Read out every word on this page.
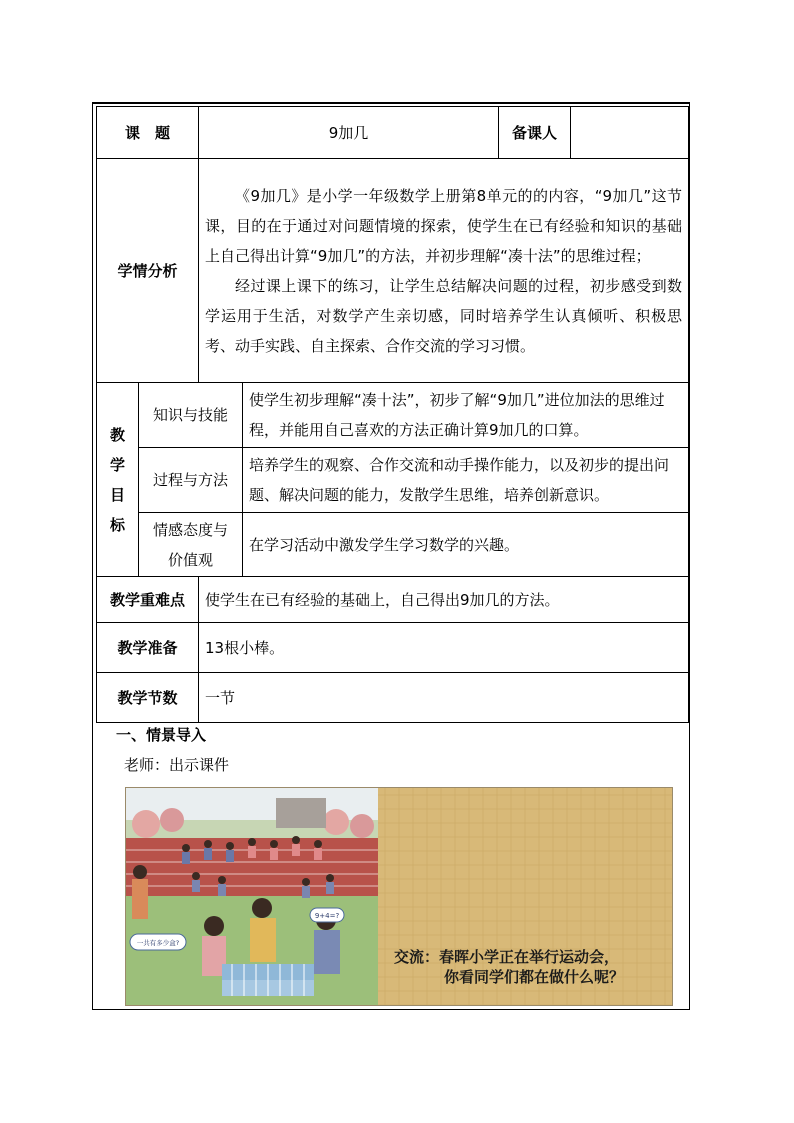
课　题		9加几		备课人	
学情分析		《9加几》是小学一年级数学上册第8单元的的内容，“9加几”这节课，目的在于通过对问题情境的探索，使学生在已有经验和知识的基础上自己得出计算“9加几”的方法，并初步理解“凑十法”的思维过程；

经过课上课下的练习，让学生总结解决问题的过程，初步感受到数学运用于生活，对数学产生亲切感，同时培养学生认真倾听、积极思考、动手实践、自主探索、合作交流的学习习惯。			

教
学
目
标	知识与技能		使学生初步理解“凑十法”，初步了解“9加几”进位加法的思维过程，并能用自己喜欢的方法正确计算9加几的口算。		
	过程与方法		培养学生的观察、合作交流和动手操作能力，以及初步的提出问题、解决问题的能力，发散学生思维，培养创新意识。		
	情感态度与价值观		在学习活动中激发学生学习数学的兴趣。		
教学重难点		使学生在已有经验的基础上，自己得出9加几的方法。			
教学准备		13根小棒。			
教学节数		一节			
一、情景导入
老师：出示课件
一共有多少盒?
9+4=?
交流：春晖小学正在举行运动会，
你看同学们都在做什么呢？
